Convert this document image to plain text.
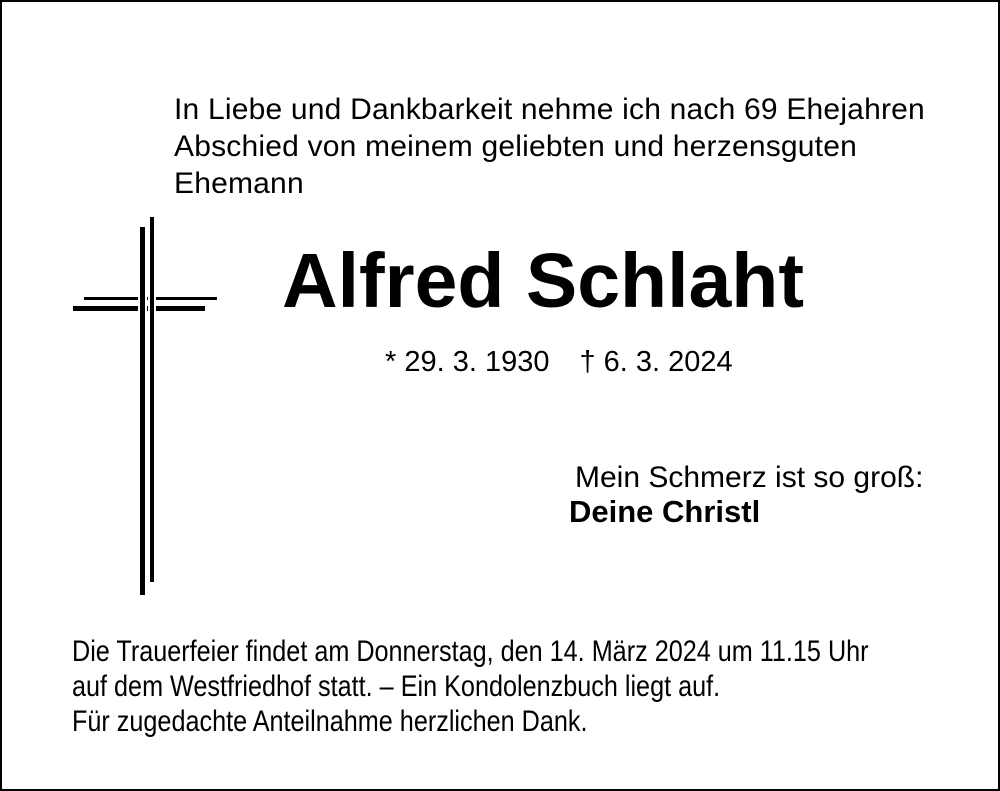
In Liebe und Dankbarkeit nehme ich nach 69 Ehejahren
Abschied von meinem geliebten und herzensguten
Ehemann
Alfred Schlaht
* 29. 3. 1930 † 6. 3. 2024
Mein Schmerz ist so groß:
Deine Christl
Die Trauerfeier findet am Donnerstag, den 14. März 2024 um 11.15 Uhr
auf dem Westfriedhof statt. – Ein Kondolenzbuch liegt auf.
Für zugedachte Anteilnahme herzlichen Dank.
